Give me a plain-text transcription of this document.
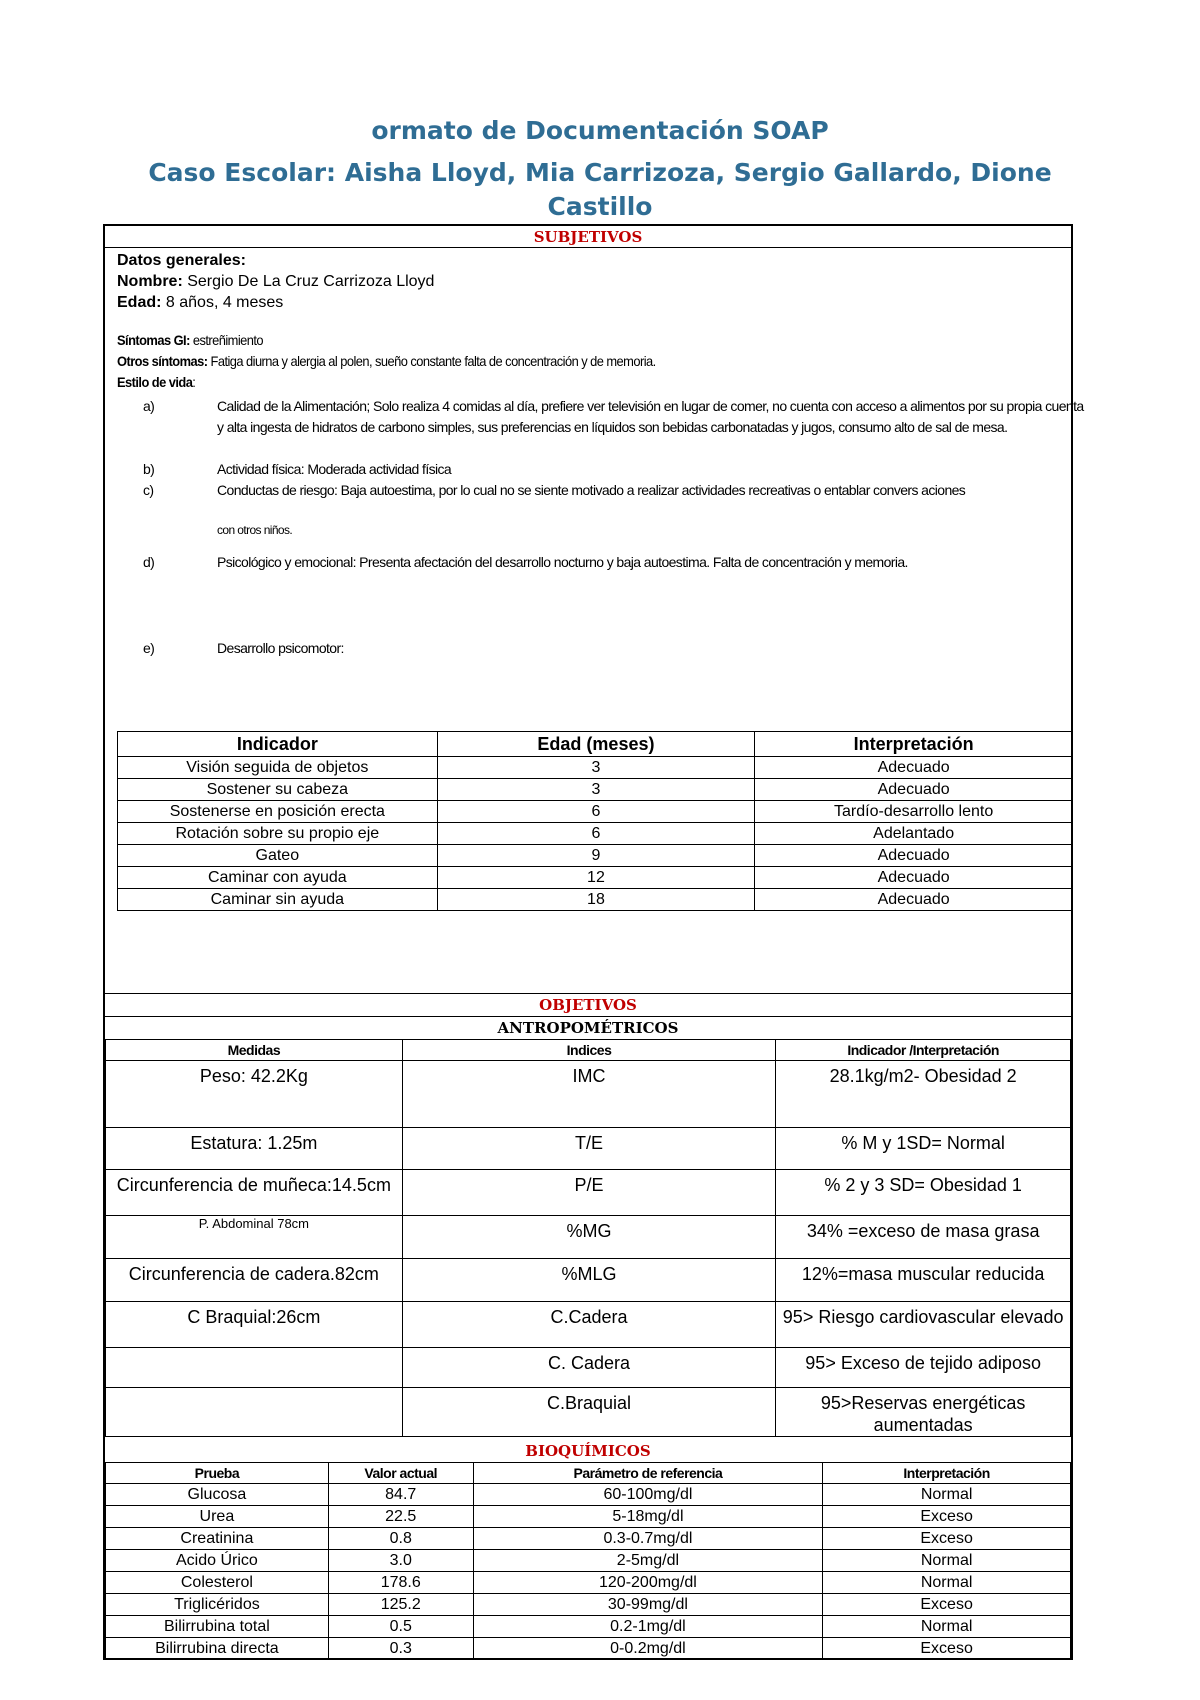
ormato de Documentación SOAP
Caso Escolar: Aisha Lloyd, Mia Carrizoza, Sergio Gallardo, Dione Castillo
SUBJETIVOS
Datos generales:
Nombre: Sergio De La Cruz Carrizoza Lloyd
Edad: 8 años, 4 meses
Síntomas GI: estreñimiento
Otros síntomas: Fatiga diurna y alergia al polen, sueño constante falta de concentración y de memoria.
Estilo de vida:
a)	Calidad de la Alimentación; Solo realiza 4 comidas al día, prefiere ver televisión en lugar de comer, no cuenta con acceso a alimentos por su propia cuenta y alta ingesta de hidratos de carbono simples, sus preferencias en líquidos son bebidas carbonatadas y jugos, consumo alto de sal de mesa.
b)	Actividad física: Moderada actividad física
c)	Conductas de riesgo: Baja autoestima, por lo cual no se siente motivado a realizar actividades recreativas o entablar convers aciones
con otros niños.
d)	Psicológico y emocional: Presenta afectación del desarrollo nocturno y baja autoestima. Falta de concentración y memoria.
e)	Desarrollo psicomotor:
Indicador	Edad (meses)	Interpretación
Visión seguida de objetos	3	Adecuado
Sostener su cabeza	3	Adecuado
Sostenerse en posición erecta	6	Tardío-desarrollo lento
Rotación sobre su propio eje	6	Adelantado
Gateo	9	Adecuado
Caminar con ayuda	12	Adecuado
Caminar sin ayuda	18	Adecuado
OBJETIVOS
ANTROPOMÉTRICOS
Medidas	Indices	Indicador /Interpretación
Peso: 42.2Kg	IMC	28.1kg/m2- Obesidad 2
Estatura: 1.25m	T/E	% M y 1SD= Normal
Circunferencia de muñeca:14.5cm	P/E	% 2 y 3 SD= Obesidad 1
P. Abdominal 78cm	%MG	34% =exceso de masa grasa
Circunferencia de cadera.82cm	%MLG	12%=masa muscular reducida
C Braquial:26cm	C.Cadera	95> Riesgo cardiovascular elevado
	C. Cadera	95> Exceso de tejido adiposo
	C.Braquial	95>Reservas energéticas aumentadas
BIOQUÍMICOS
Prueba	Valor actual	Parámetro de referencia	Interpretación
Glucosa	84.7	60-100mg/dl	Normal
Urea	22.5	5-18mg/dl	Exceso
Creatinina	0.8	0.3-0.7mg/dl	Exceso
Acido Úrico	3.0	2-5mg/dl	Normal
Colesterol	178.6	120-200mg/dl	Normal
Triglicéridos	125.2	30-99mg/dl	Exceso
Bilirrubina total	0.5	0.2-1mg/dl	Normal
Bilirrubina directa	0.3	0-0.2mg/dl	Exceso
